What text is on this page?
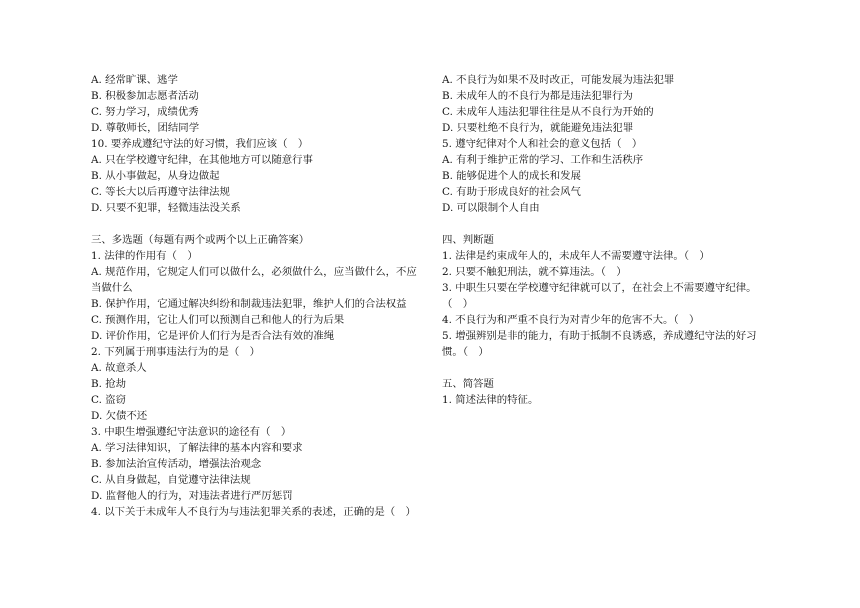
A. 经常旷课、逃学
B. 积极参加志愿者活动
C. 努力学习，成绩优秀
D. 尊敬师长，团结同学
10. 要养成遵纪守法的好习惯，我们应该（　）
A. 只在学校遵守纪律，在其他地方可以随意行事
B. 从小事做起，从身边做起
C. 等长大以后再遵守法律法规
D. 只要不犯罪，轻微违法没关系
三、多选题（每题有两个或两个以上正确答案）
1. 法律的作用有（　）
A. 规范作用，它规定人们可以做什么，必须做什么，应当做什么，不应当做什么
B. 保护作用，它通过解决纠纷和制裁违法犯罪，维护人们的合法权益
C. 预测作用，它让人们可以预测自己和他人的行为后果
D. 评价作用，它是评价人们行为是否合法有效的准绳
2. 下列属于刑事违法行为的是（　）
A. 故意杀人
B. 抢劫
C. 盗窃
D. 欠债不还
3. 中职生增强遵纪守法意识的途径有（　）
A. 学习法律知识，了解法律的基本内容和要求
B. 参加法治宣传活动，增强法治观念
C. 从自身做起，自觉遵守法律法规
D. 监督他人的行为，对违法者进行严厉惩罚
4. 以下关于未成年人不良行为与违法犯罪关系的表述，正确的是（　）
A. 不良行为如果不及时改正，可能发展为违法犯罪
B. 未成年人的不良行为都是违法犯罪行为
C. 未成年人违法犯罪往往是从不良行为开始的
D. 只要杜绝不良行为，就能避免违法犯罪
5. 遵守纪律对个人和社会的意义包括（　）
A. 有利于维护正常的学习、工作和生活秩序
B. 能够促进个人的成长和发展
C. 有助于形成良好的社会风气
D. 可以限制个人自由
四、判断题
1. 法律是约束成年人的，未成年人不需要遵守法律。（　）
2. 只要不触犯刑法，就不算违法。（　）
3. 中职生只要在学校遵守纪律就可以了，在社会上不需要遵守纪律。（　）
4. 不良行为和严重不良行为对青少年的危害不大。（　）
5. 增强辨别是非的能力，有助于抵制不良诱惑，养成遵纪守法的好习惯。（　）
五、简答题
1. 简述法律的特征。
